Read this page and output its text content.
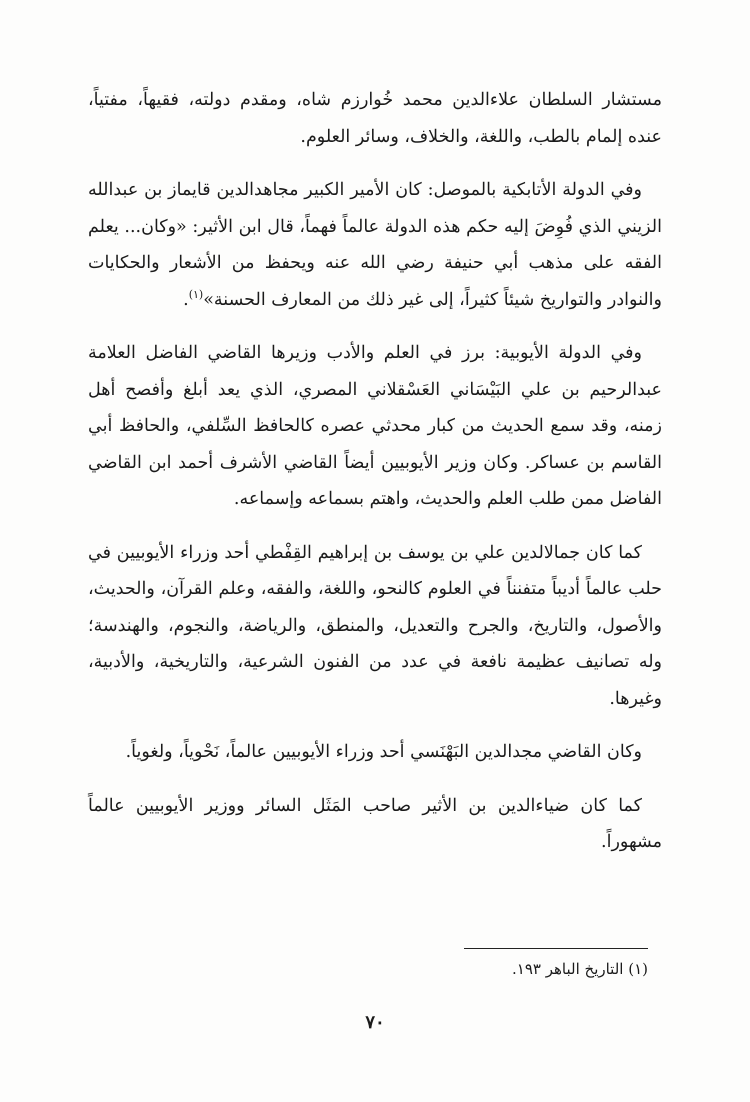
مستشار السلطان علاءالدين محمد خُوارزم شاه، ومقدم دولته، فقيهاً، مفتياً، عنده إلمام بالطب، واللغة، والخلاف، وسائر العلوم.

وفي الدولة الأتابكية بالموصل: كان الأمير الكبير مجاهدالدين قايماز بن عبدالله الزيني الذي فُوِضَ إليه حكم هذه الدولة عالماً فهماً، قال ابن الأثير: «وكان... يعلم الفقه على مذهب أبي حنيفة رضي الله عنه ويحفظ من الأشعار والحكايات والنوادر والتواريخ شيئاً كثيراً، إلى غير ذلك من المعارف الحسنة»$^{(١)}$.

وفي الدولة الأيوبية: برز في العلم والأدب وزيرها القاضي الفاضل العلامة عبدالرحيم بن علي البَيْسَاني العَسْقلاني المصري، الذي يعد أبلغ وأفصح أهل زمنه، وقد سمع الحديث من كبار محدثي عصره كالحافظ السِّلفي، والحافظ أبي القاسم بن عساكر. وكان وزير الأيوبيين أيضاً القاضي الأشرف أحمد ابن القاضي الفاضل ممن طلب العلم والحديث، واهتم بسماعه وإسماعه.

كما كان جمالالدين علي بن يوسف بن إبراهيم القِفْطي أحد وزراء الأيوبيين في حلب عالماً أديباً متفنناً في العلوم كالنحو، واللغة، والفقه، وعلم القرآن، والحديث، والأصول، والتاريخ، والجرح والتعديل، والمنطق، والرياضة، والنجوم، والهندسة؛ وله تصانيف عظيمة نافعة في عدد من الفنون الشرعية، والتاريخية، والأدبية، وغيرها.

وكان القاضي مجدالدين البَهْنَسي أحد وزراء الأيوبيين عالماً، نَحْوياً، ولغوياً.

كما كان ضياءالدين بن الأثير صاحب المَثَل السائر ووزير الأيوبيين عالماً مشهوراً.

(١) التاريخ الباهر ١٩٣.
٧٠
